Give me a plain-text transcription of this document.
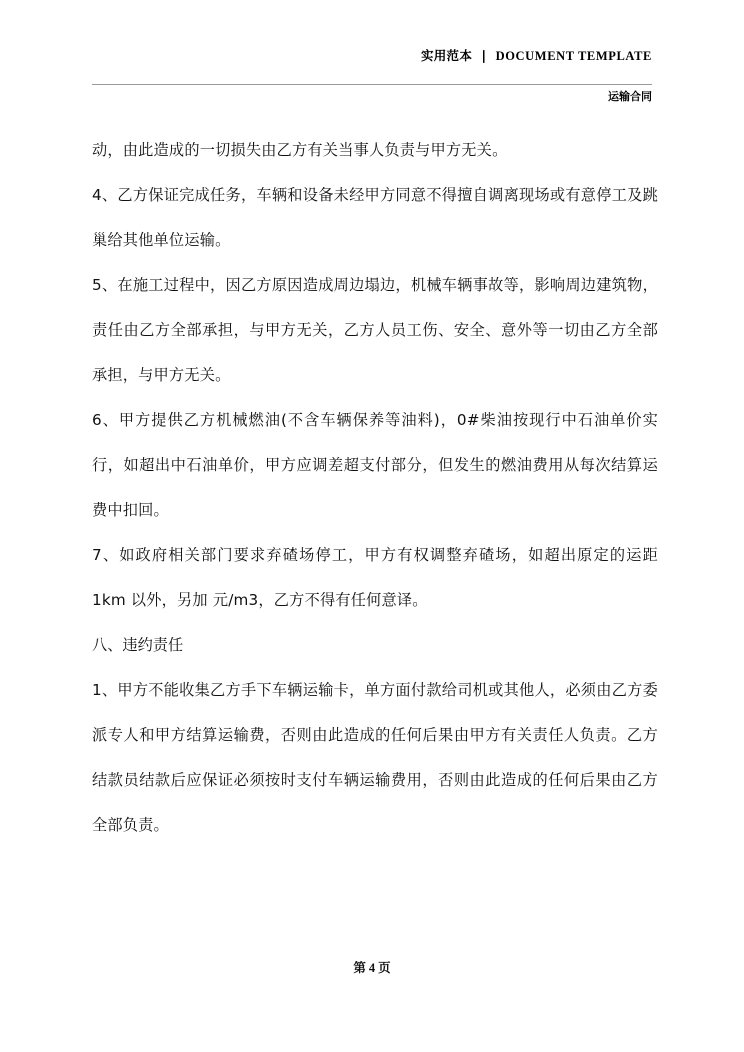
实用范本 ∣ DOCUMENT TEMPLATE
运输合同

动，由此造成的一切损失由乙方有关当事人负责与甲方无关。

4、乙方保证完成任务，车辆和设备未经甲方同意不得擅自调离现场或有意停工及跳巢给其他单位运输。

5、在施工过程中，因乙方原因造成周边塌边，机械车辆事故等，影响周边建筑物，责任由乙方全部承担，与甲方无关，乙方人员工伤、安全、意外等一切由乙方全部承担，与甲方无关。

6、甲方提供乙方机械燃油(不含车辆保养等油料)，0#柴油按现行中石油单价实行，如超出中石油单价，甲方应调差超支付部分，但发生的燃油费用从每次结算运费中扣回。

7、如政府相关部门要求弃碴场停工，甲方有权调整弃碴场，如超出原定的运距 1km 以外，另加 元/m3，乙方不得有任何意译。

八、违约责任

1、甲方不能收集乙方手下车辆运输卡，单方面付款给司机或其他人，必须由乙方委派专人和甲方结算运输费，否则由此造成的任何后果由甲方有关责任人负责。乙方结款员结款后应保证必须按时支付车辆运输费用，否则由此造成的任何后果由乙方全部负责。

第 4 页
